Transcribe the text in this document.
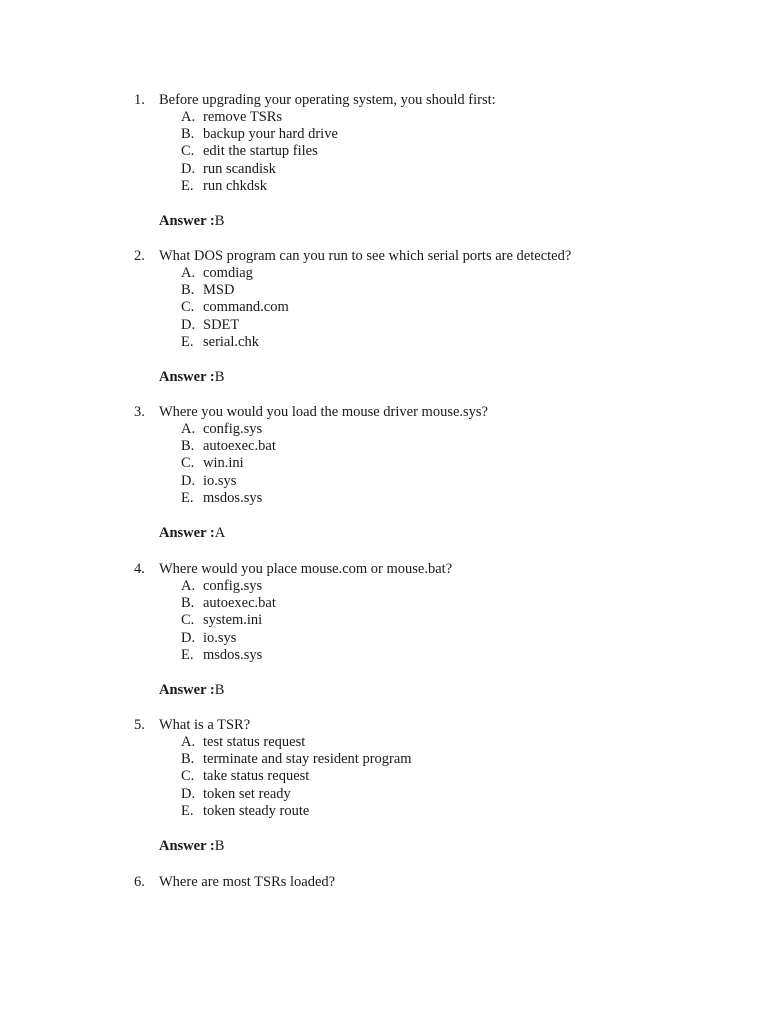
1. Before upgrading your operating system, you should first:
A. remove TSRs
B. backup your hard drive
C. edit the startup files
D. run scandisk
E. run chkdsk
Answer :B
2. What DOS program can you run to see which serial ports are detected?
A. comdiag
B. MSD
C. command.com
D. SDET
E. serial.chk
Answer :B
3. Where you would you load the mouse driver mouse.sys?
A. config.sys
B. autoexec.bat
C. win.ini
D. io.sys
E. msdos.sys
Answer :A
4. Where would you place mouse.com or mouse.bat?
A. config.sys
B. autoexec.bat
C. system.ini
D. io.sys
E. msdos.sys
Answer :B
5. What is a TSR?
A. test status request
B. terminate and stay resident program
C. take status request
D. token set ready
E. token steady route
Answer :B
6. Where are most TSRs loaded?
